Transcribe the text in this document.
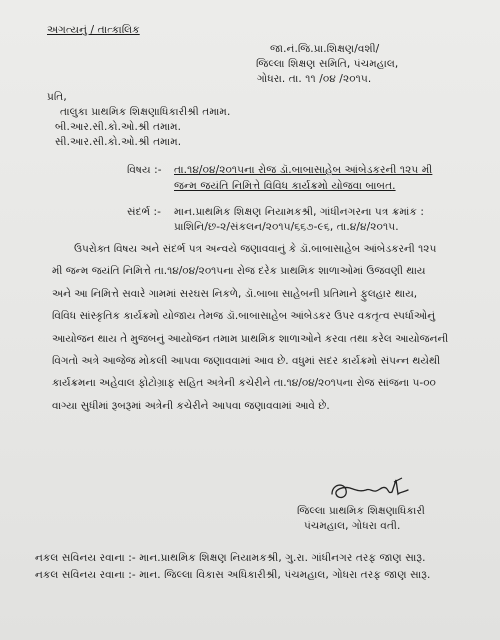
અગત્યનું / તાત્કાલિક
જા.નં.જિ.પ્રા.શિક્ષણ/વશી/
જિલ્લા શિક્ષણ સમિતિ, પંચમહાલ,
ગોધરા. તા. ૧૧ /૦૪ /૨૦૧૫.
પ્રતિ,
તાલુકા પ્રાથમિક શિક્ષણાધિકારીશ્રી તમામ.
બી.આર.સી.કો.ઓ.શ્રી તમામ.
સી.આર.સી.કો.ઓ.શ્રી તમામ.
વિષય :- તા.૧૪/૦૪/૨૦૧૫ના રોજ ડૉ.બાબાસાહેબ આંબેડકરની ૧૨૫ મી
જન્મ જયંતિ નિમિત્તે વિવિધ કાર્યક્રમો યોજવા બાબત.
સંદર્ભ :- માન.પ્રાથમિક શિક્ષણ નિયામકશ્રી, ગાંધીનગરના પત્ર ક્રમાંક :
પ્રાશિનિ/છ-૨/સંકલન/૨૦૧૫/૬૬૭-૯૬, તા.૪/૪/૨૦૧૫.
ઉપરોક્ત વિષય અને સંદર્ભ પત્ર અન્વયે જણાવવાનું કે ડૉ.બાબાસાહેબ આંબેડકરની ૧૨૫
મી જન્મ જયંતિ નિમિત્તે તા.૧૪/૦૪/૨૦૧૫ના રોજ દરેક પ્રાથમિક શાળાઓમાં ઉજવણી થાય
અને આ નિમિત્તે સવારે ગામમાં સરઘસ નિકળે, ડૉ.બાબા સાહેબની પ્રતિમાને ફુલહાર થાય,
વિવિધ સાંસ્કૃતિક કાર્યક્રમો યોજાય તેમજ ડૉ.બાબાસાહેબ આંબેડકર ઉપર વકતૃત્વ સ્પર્ધાઓનું
આયોજન થાય તે મુજબનું આયોજન તમામ પ્રાથમિક શાળાઓને કરવા તથા કરેલ આયોજનની
વિગતો અત્રે આજેજ મોકલી આપવા જણાવવામાં આવ છે. વધુમાં સદર કાર્યક્રમો સંપન્ન થયેથી
કાર્યક્રમના અહેવાલ ફોટોગ્રાફ સહિત અત્રેની કચેરીને તા.૧૪/૦૪/૨૦૧૫ના રોજ સાંજના ૫-૦૦
વાગ્યા સુધીમાં રૂબરૂમાં અત્રેની કચેરીને આપવા જણાવવામાં આવે છે.
જિલ્લા પ્રાથમિક શિક્ષણાધિકારી
પંચમહાલ, ગોધરા વતી.
નકલ સવિનય રવાના :- માન.પ્રાથમિક શિક્ષણ નિયામકશ્રી, ગુ.રા. ગાંધીનગર તરફ જાણ સારૂ.
નકલ સવિનય રવાના :- માન. જિલ્લા વિકાસ અધિકારીશ્રી, પંચમહાલ, ગોધરા તરફ જાણ સારૂ.
